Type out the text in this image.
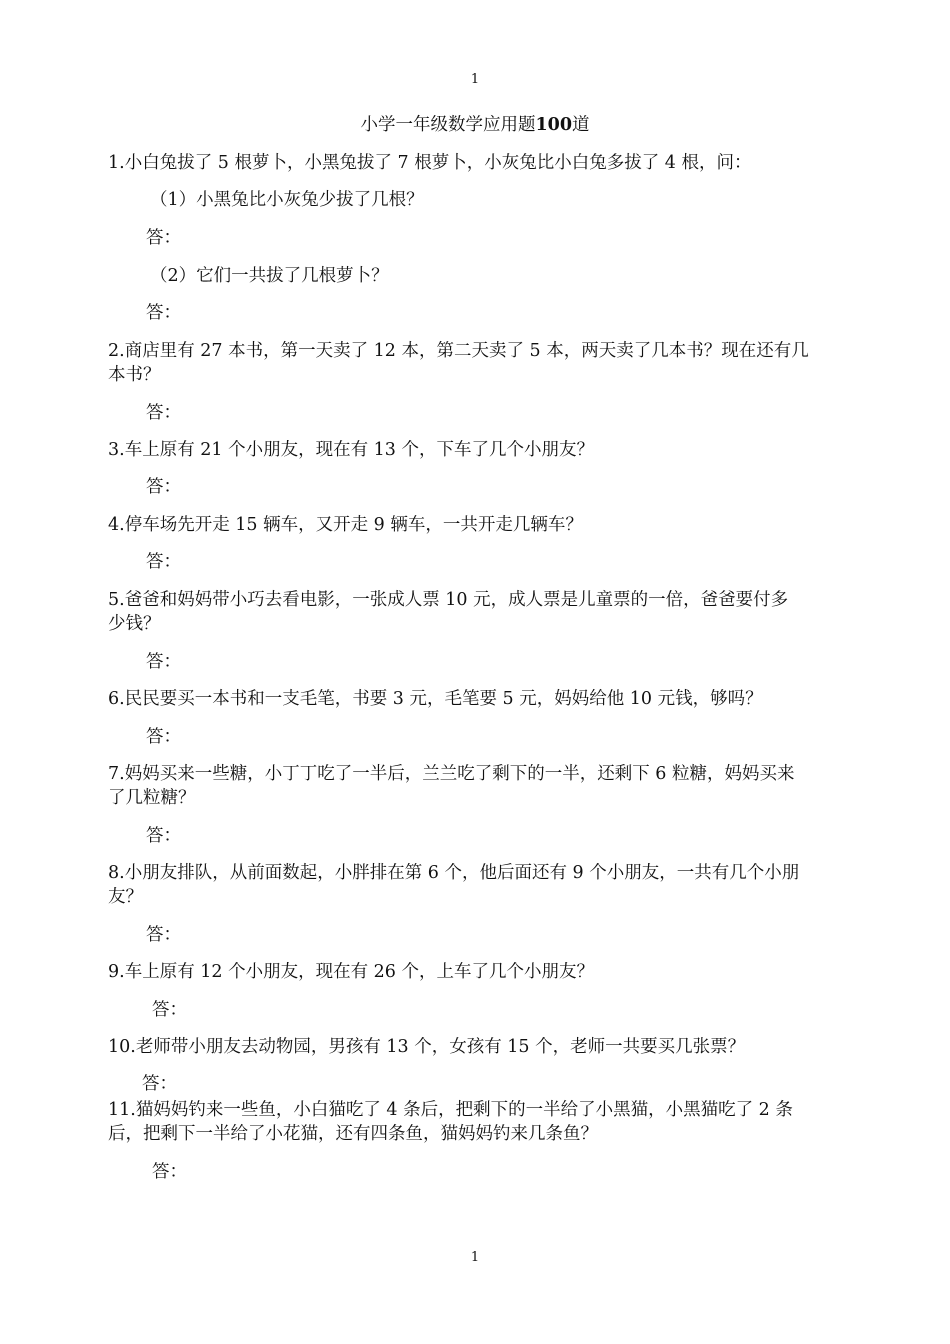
1
小学一年级数学应用题100道
1.小白兔拔了 5 根萝卜，小黑兔拔了 7 根萝卜，小灰兔比小白兔多拔了 4 根，问：
（1）小黑兔比小灰兔少拔了几根？
答：
（2）它们一共拔了几根萝卜？
答：
2.商店里有 27 本书，第一天卖了 12 本，第二天卖了 5 本，两天卖了几本书？现在还有几
本书？
答：
3.车上原有 21 个小朋友，现在有 13 个，下车了几个小朋友？
答：
4.停车场先开走 15 辆车，又开走 9 辆车，一共开走几辆车？
答：
5.爸爸和妈妈带小巧去看电影，一张成人票 10 元，成人票是儿童票的一倍，爸爸要付多
少钱？
答：
6.民民要买一本书和一支毛笔，书要 3 元，毛笔要 5 元，妈妈给他 10 元钱，够吗？
答：
7.妈妈买来一些糖，小丁丁吃了一半后，兰兰吃了剩下的一半，还剩下 6 粒糖，妈妈买来
了几粒糖？
答：
8.小朋友排队，从前面数起，小胖排在第 6 个，他后面还有 9 个小朋友，一共有几个小朋
友？
答：
9.车上原有 12 个小朋友，现在有 26 个，上车了几个小朋友？
答：
10.老师带小朋友去动物园，男孩有 13 个，女孩有 15 个，老师一共要买几张票？
答：
11.猫妈妈钓来一些鱼，小白猫吃了 4 条后，把剩下的一半给了小黑猫，小黑猫吃了 2 条
后，把剩下一半给了小花猫，还有四条鱼，猫妈妈钓来几条鱼？
答：
1
